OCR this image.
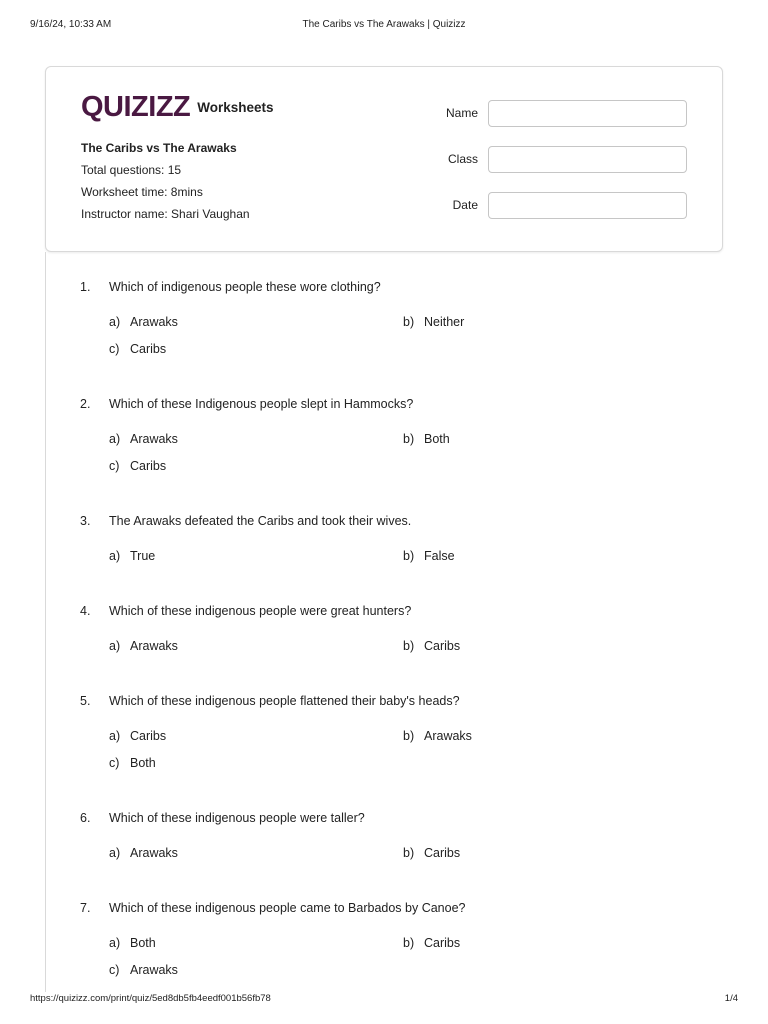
9/16/24, 10:33 AM	The Caribs vs The Arawaks | Quizizz
QUIZIZZ Worksheets
The Caribs vs The Arawaks
Total questions: 15
Worksheet time: 8mins
Instructor name: Shari Vaughan
Name
Class
Date
1.	Which of indigenous people these wore clothing?
a) Arawaks	b) Neither
c) Caribs
2.	Which of these Indigenous people slept in Hammocks?
a) Arawaks	b) Both
c) Caribs
3.	The Arawaks defeated the Caribs and took their wives.
a) True	b) False
4.	Which of these indigenous people were great hunters?
a) Arawaks	b) Caribs
5.	Which of these indigenous people flattened their baby's heads?
a) Caribs	b) Arawaks
c) Both
6.	Which of these indigenous people were taller?
a) Arawaks	b) Caribs
7.	Which of these indigenous people came to Barbados by Canoe?
a) Both	b) Caribs
c) Arawaks
https://quizizz.com/print/quiz/5ed8db5fb4eedf001b56fb78	1/4
